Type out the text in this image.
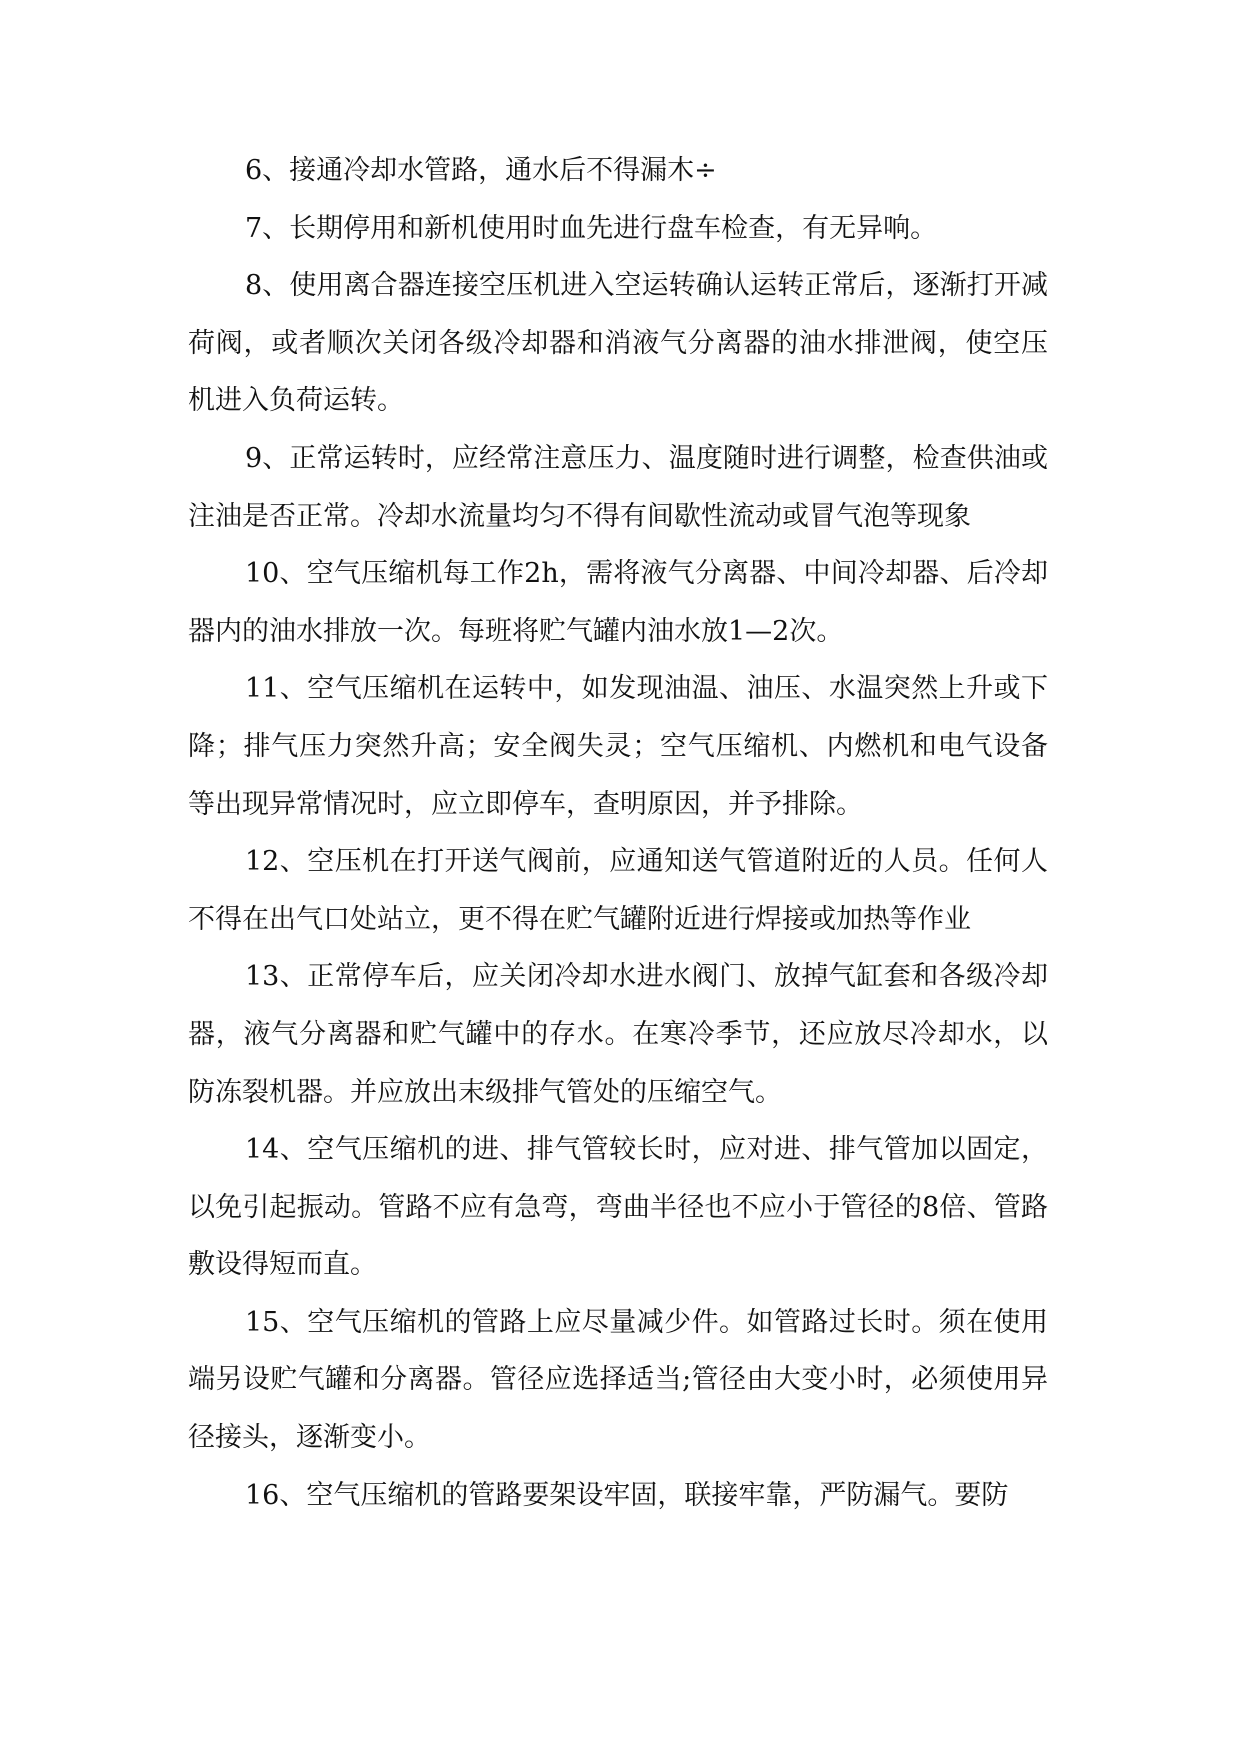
6、接通冷却水管路，通水后不得漏木÷

7、长期停用和新机使用时血先进行盘车检查，有无异响。

8、使用离合器连接空压机进入空运转确认运转正常后，逐渐打开减荷阀，或者顺次关闭各级冷却器和消液气分离器的油水排泄阀，使空压机进入负荷运转。

9、正常运转时，应经常注意压力、温度随时进行调整，检查供油或注油是否正常。冷却水流量均匀不得有间歇性流动或冒气泡等现象

10、空气压缩机每工作2h，需将液气分离器、中间冷却器、后冷却器内的油水排放一次。每班将贮气罐内油水放1—2次。

11、空气压缩机在运转中，如发现油温、油压、水温突然上升或下降；排气压力突然升高；安全阀失灵；空气压缩机、内燃机和电气设备等出现异常情况时，应立即停车，查明原因，并予排除。

12、空压机在打开送气阀前，应通知送气管道附近的人员。任何人不得在出气口处站立，更不得在贮气罐附近进行焊接或加热等作业

13、正常停车后，应关闭冷却水进水阀门、放掉气缸套和各级冷却器，液气分离器和贮气罐中的存水。在寒冷季节，还应放尽冷却水，以防冻裂机器。并应放出末级排气管处的压缩空气。

14、空气压缩机的进、排气管较长时，应对进、排气管加以固定，以免引起振动。管路不应有急弯，弯曲半径也不应小于管径的8倍、管路敷设得短而直。

15、空气压缩机的管路上应尽量减少件。如管路过长时。须在使用端另设贮气罐和分离器。管径应选择适当;管径由大变小时，必须使用异径接头，逐渐变小。

16、空气压缩机的管路要架设牢固，联接牢靠，严防漏气。要防
